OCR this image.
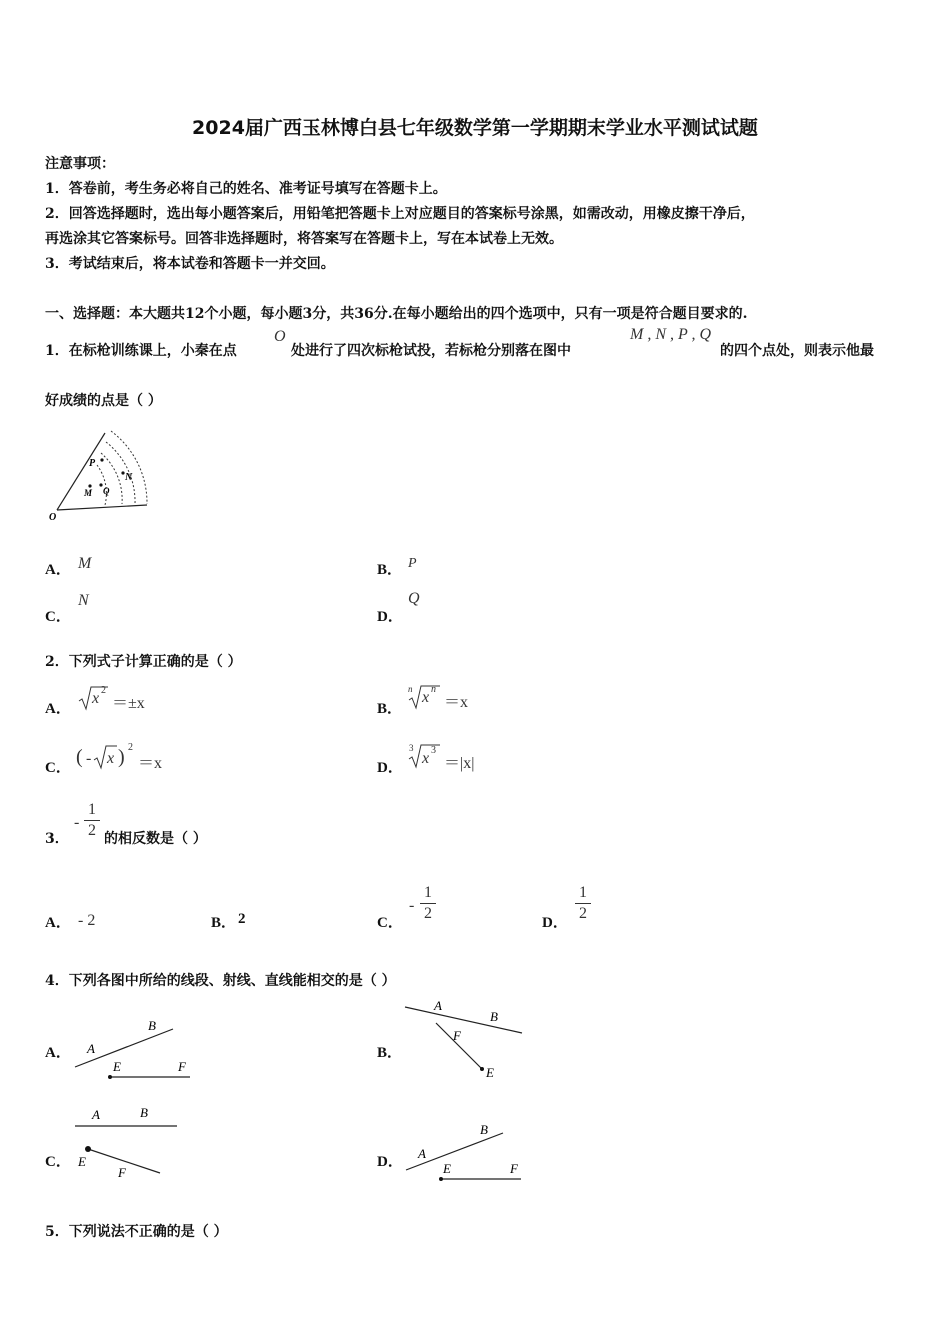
2024届广西玉林博白县七年级数学第一学期期末学业水平测试试题
注意事项：
1．答卷前，考生务必将自己的姓名、准考证号填写在答题卡上。
2．回答选择题时，选出每小题答案后，用铅笔把答题卡上对应题目的答案标号涂黑，如需改动，用橡皮擦干净后，
再选涂其它答案标号。回答非选择题时，将答案写在答题卡上，写在本试卷上无效。
3．考试结束后，将本试卷和答题卡一并交回。
一、选择题：本大题共12个小题，每小题3分，共36分.在每小题给出的四个选项中，只有一项是符合题目要求的.
1．在标枪训练课上，小秦在点
O
处进行了四次标枪试投，若标枪分别落在图中
M , N , P , Q
的四个点处，则表示他最
好成绩的点是（ ）
O
P
M Q
N
A． M	B． P
C．
N
D．
Q
2．下列式子计算正确的是（ ）
A．
x 2
＝±x	B．
n x n
＝x
C． ( - x ) 2
＝x	D．
3
x 3
＝|x|
3．
-
1
2 的相反数是（ ）
A． - 2	B． 2	C．
-
1
2
D．
1
2
4．下列各图中所给的线段、射线、直线能相交的是（ ）
A． A
B
E	F
B．
A
B
F
E
C．
A	B
E
F
D．
A
B
E	F
5．下列说法不正确的是（ ）
